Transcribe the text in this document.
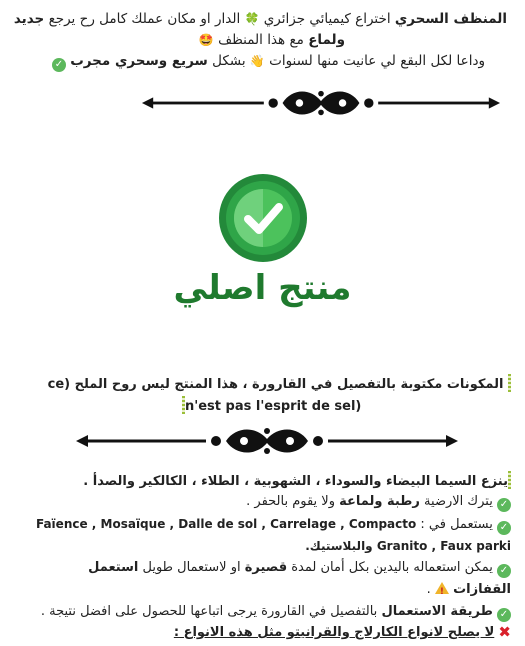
المنظف السحري اختراع كيميائي جزائري 🍀 الدار او مكان عملك كامل رح يرجع جديد
ولماع مع هذا المنظف 🤩
وداعا لكل البقع لي عانيت منها لسنوات 👋 بشكل سريع وسحري مجرب ✓
منتج اصلي
المكونات مكتوبة بالتفصيل في القارورة ، هذا المنتج ليس روح الملح (ce
n'est pas l'esprit de sel)
ينزع السيما البيضاء والسوداء ، الشهوبية ، الطلاء ، الكالكير والصدأ .
✓ يترك الارضية رطبة ولماعة ولا يقوم بالحفر .
✓ يستعمل في : Faïence , Mosaïque , Dalle de sol , Carrelage , Compacto
Granito , Faux parki والبلاستيك.
✓ يمكن استعماله باليدين بكل أمان لمدة قصيرة او لاستعمال طويل استعمل
القفازات
!
.
✓ طريقة الاستعمال بالتفصيل في القارورة يرجى اتباعها للحصول على افضل نتيجة .
✖ لا يصلح لانواع الكارلاج والقرانيتو مثل هذه الانواع :
